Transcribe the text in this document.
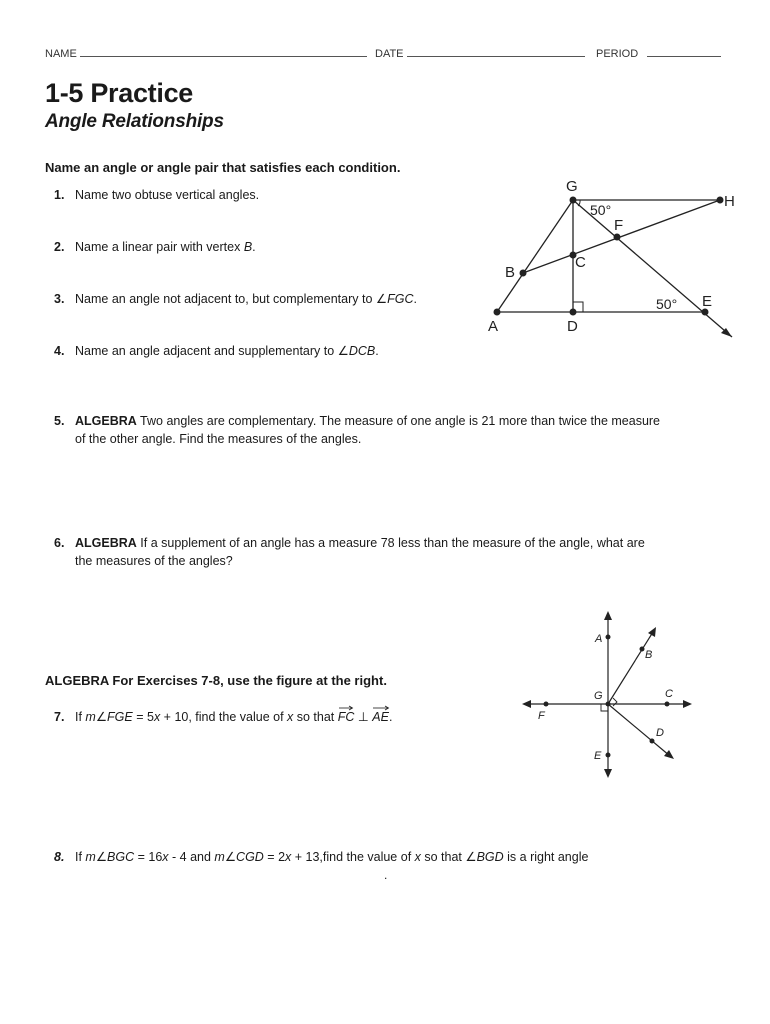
NAME	DATE	PERIOD
1-5 Practice
Angle Relationships
Name an angle or angle pair that satisfies each condition.
1. Name two obtuse vertical angles.
2. Name a linear pair with vertex B.
3. Name an angle not adjacent to, but complementary to ∠FGC.
4. Name an angle adjacent and supplementary to ∠DCB.
5. ALGEBRA Two angles are complementary. The measure of one angle is 21 more than twice the measure
of the other angle. Find the measures of the angles.
6. ALGEBRA If a supplement of an angle has a measure 78 less than the measure of the angle, what are
the measures of the angles?
ALGEBRA For Exercises 7-8, use the figure at the right.
7. If m∠FGE = 5x + 10, find the value of x so that
FC ⊥
AE.
8. If m∠BGC = 16x - 4 and m∠CGD = 2x + 13,find the value of x so that ∠BGD is a right angle
.
G
H
F
B
C
A	D
E
50°
50°
A
B
G	C
F
D
E
